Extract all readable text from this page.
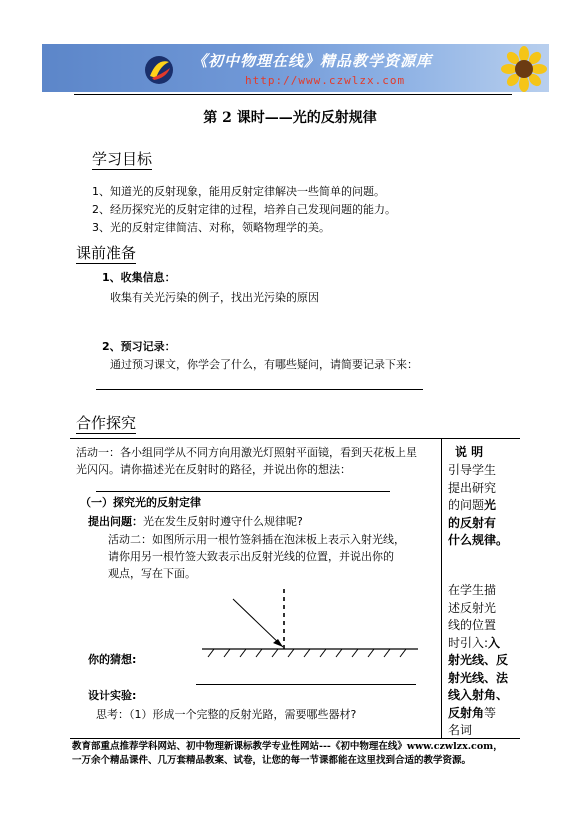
《初中物理在线》精品教学资源库
http://www.czwlzx.com
第 2 课时——光的反射规律
学习目标
1、知道光的反射现象，能用反射定律解决一些简单的问题。
2、经历探究光的反射定律的过程，培养自己发现问题的能力。
3、光的反射定律简洁、对称，领略物理学的美。
课前准备
1、收集信息：
收集有关光污染的例子，找出光污染的原因
2、预习记录：
通过预习课文，你学会了什么，有哪些疑问，请简要记录下来：
合作探究
活动一：各小组同学从不同方向用激光灯照射平面镜，看到天花板上星
光闪闪。请你描述光在反射时的路径，并说出你的想法：
（一）探究光的反射定律
提出问题：光在发生反射时遵守什么规律呢?
活动二：如图所示用一根竹签斜插在泡沫板上表示入射光线，
请你用另一根竹签大致表示出反射光线的位置，并说出你的
观点，写在下面。
你的猜想:
设计实验:
思考：（1）形成一个完整的反射光路，需要哪些器材?
说 明
引导学生
提出研究
的问题光
的反射有
什么规律。
在学生描
述反射光
线的位置
时引入:入
射光线、反
射光线、法
线入射角、
反射角等
名词
教育部重点推荐学科网站、初中物理新课标教学专业性网站---《初中物理在线》www.czwlzx.com，
一万余个精品课件、几万套精品教案、试卷，让您的每一节课都能在这里找到合适的教学资源。
